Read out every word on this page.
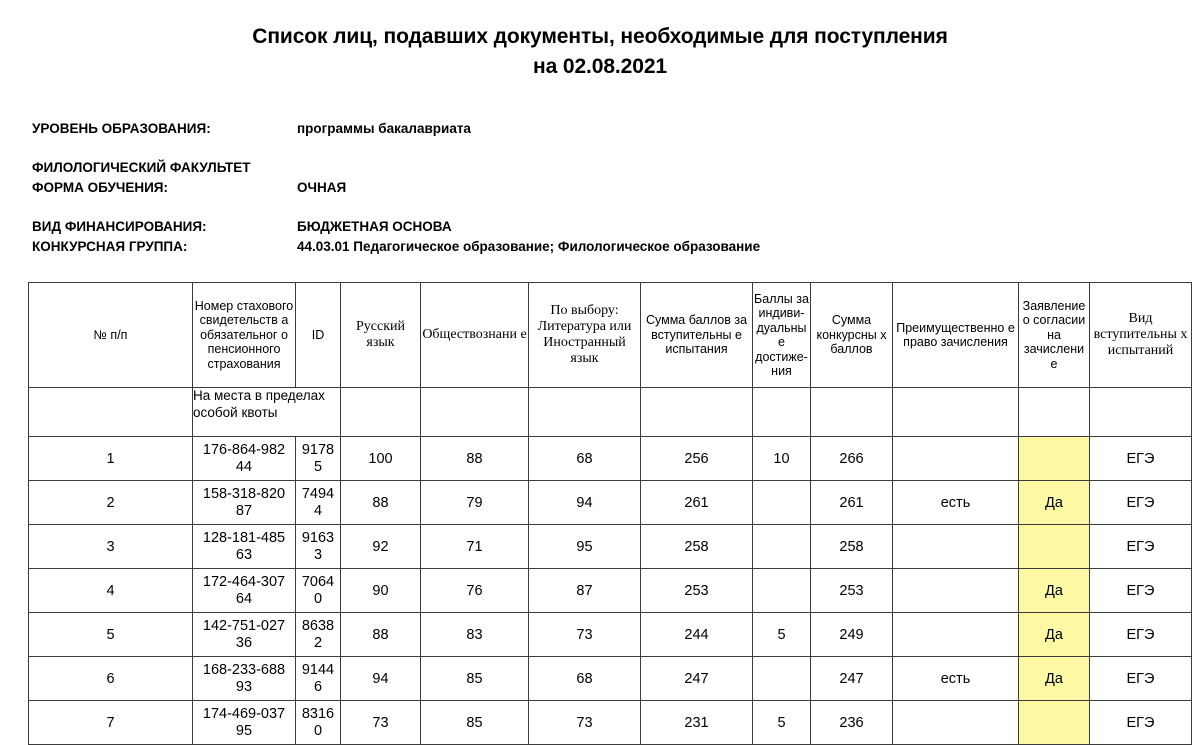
Список лиц, подавших документы, необходимые для поступления
на 02.08.2021
УРОВЕНЬ ОБРАЗОВАНИЯ:	программы бакалавриата
ФИЛОЛОГИЧЕСКИЙ ФАКУЛЬТЕТ
ФОРМА ОБУЧЕНИЯ:	ОЧНАЯ
ВИД ФИНАНСИРОВАНИЯ:	БЮДЖЕТНАЯ ОСНОВА
КОНКУРСНАЯ ГРУППА:	44.03.01 Педагогическое образование; Филологическое образование
№ п/п	Номер стахового свидетельств а обязательног о пенсионного страхования	ID	Русский язык	Обществознани е	По выбору: Литература или Иностранный язык	Сумма баллов за вступительны е испытания	Баллы за индиви- дуальны е достиже- ния	Сумма конкурсны х баллов	Преимущественно е право зачисления	Заявление о согласии на зачислени е	Вид вступительны х испытаний
	На места в пределах особой квоты										
1	176-864-982 44	9178 5	100	88	68	256	10	266			ЕГЭ
2	158-318-820 87	7494 4	88	79	94	261		261	есть	Да	ЕГЭ
3	128-181-485 63	9163 3	92	71	95	258		258			ЕГЭ
4	172-464-307 64	7064 0	90	76	87	253		253		Да	ЕГЭ
5	142-751-027 36	8638 2	88	83	73	244	5	249		Да	ЕГЭ
6	168-233-688 93	9144 6	94	85	68	247		247	есть	Да	ЕГЭ
7	174-469-037 95	8316 0	73	85	73	231	5	236			ЕГЭ
